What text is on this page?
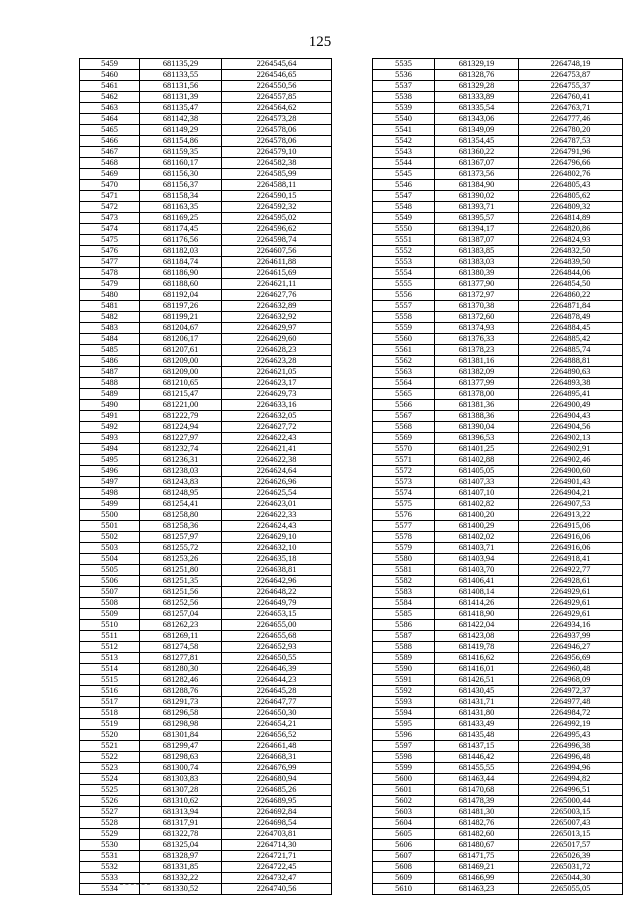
125
5459	681135,29	2264545,64
5460	681133,55	2264546,65
5461	681131,56	2264550,56
5462	681131,39	2264557,85
5463	681135,47	2264564,62
5464	681142,38	2264573,28
5465	681149,29	2264578,06
5466	681154,86	2264578,06
5467	681159,35	2264579,10
5468	681160,17	2264582,38
5469	681156,30	2264585,99
5470	681156,37	2264588,11
5471	681158,34	2264590,15
5472	681163,35	2264592,32
5473	681169,25	2264595,02
5474	681174,45	2264596,62
5475	681176,56	2264598,74
5476	681182,03	2264607,56
5477	681184,74	2264611,88
5478	681186,90	2264615,69
5479	681188,60	2264621,11
5480	681192,04	2264627,76
5481	681197,26	2264632,89
5482	681199,21	2264632,92
5483	681204,67	2264629,97
5484	681206,17	2264629,60
5485	681207,61	2264628,23
5486	681209,00	2264623,28
5487	681209,00	2264621,05
5488	681210,65	2264623,17
5489	681215,47	2264629,73
5490	681221,00	2264633,16
5491	681222,79	2264632,05
5492	681224,94	2264627,72
5493	681227,97	2264622,43
5494	681232,74	2264621,41
5495	681236,31	2264622,38
5496	681238,03	2264624,64
5497	681243,83	2264626,96
5498	681248,95	2264625,54
5499	681254,41	2264623,01
5500	681258,80	2264622,33
5501	681258,36	2264624,43
5502	681257,97	2264629,10
5503	681255,72	2264632,10
5504	681253,26	2264635,18
5505	681251,80	2264638,81
5506	681251,35	2264642,96
5507	681251,56	2264648,22
5508	681252,56	2264649,79
5509	681257,04	2264653,15
5510	681262,23	2264655,00
5511	681269,11	2264655,68
5512	681274,58	2264652,93
5513	681277,81	2264650,55
5514	681280,30	2264646,39
5515	681282,46	2264644,23
5516	681288,76	2264645,28
5517	681291,73	2264647,77
5518	681296,58	2264650,30
5519	681298,98	2264654,21
5520	681301,84	2264656,52
5521	681299,47	2264661,48
5522	681298,63	2264668,31
5523	681300,74	2264676,99
5524	681303,83	2264680,94
5525	681307,28	2264685,26
5526	681310,62	2264689,95
5527	681313,94	2264692,84
5528	681317,91	2264698,54
5529	681322,78	2264703,81
5530	681325,04	2264714,30
5531	681328,97	2264721,71
5532	681331,85	2264722,45
5533	681332,22	2264732,47
5534	681330,52	2264740,56
5535	681329,19	2264748,19
5536	681328,76	2264753,87
5537	681329,28	2264755,37
5538	681333,89	2264760,41
5539	681335,54	2264763,71
5540	681343,06	2264777,46
5541	681349,09	2264780,20
5542	681354,45	2264787,53
5543	681360,22	2264791,96
5544	681367,07	2264796,66
5545	681373,56	2264802,76
5546	681384,90	2264805,43
5547	681390,02	2264805,62
5548	681393,71	2264809,32
5549	681395,57	2264814,89
5550	681394,17	2264820,86
5551	681387,07	2264824,93
5552	681383,85	2264832,50
5553	681383,03	2264839,50
5554	681380,39	2264844,06
5555	681377,90	2264854,50
5556	681372,97	2264860,22
5557	681370,38	2264871,84
5558	681372,60	2264878,49
5559	681374,93	2264884,45
5560	681376,33	2264885,42
5561	681378,23	2264885,74
5562	681381,16	2264888,81
5563	681382,09	2264890,63
5564	681377,99	2264893,38
5565	681378,00	2264895,41
5566	681381,36	2264900,49
5567	681388,36	2264904,43
5568	681390,04	2264904,56
5569	681396,53	2264902,13
5570	681401,25	2264902,91
5571	681402,88	2264902,46
5572	681405,05	2264900,60
5573	681407,33	2264901,43
5574	681407,10	2264904,21
5575	681402,82	2264907,53
5576	681400,20	2264913,22
5577	681400,29	2264915,06
5578	681402,02	2264916,06
5579	681403,71	2264916,06
5580	681403,94	2264918,41
5581	681403,70	2264922,77
5582	681406,41	2264928,61
5583	681408,14	2264929,61
5584	681414,26	2264929,61
5585	681418,90	2264929,61
5586	681422,04	2264934,16
5587	681423,08	2264937,99
5588	681419,78	2264946,27
5589	681416,62	2264956,69
5590	681416,01	2264960,48
5591	681426,51	2264968,09
5592	681430,45	2264972,37
5593	681431,71	2264977,48
5594	681431,80	2264984,72
5595	681433,49	2264992,19
5596	681435,48	2264995,43
5597	681437,15	2264996,38
5598	681446,42	2264996,48
5599	681455,55	2264994,96
5600	681463,44	2264994,82
5601	681470,68	2264996,51
5602	681478,39	2265000,44
5603	681481,30	2265003,15
5604	681482,76	2265007,43
5605	681482,60	2265013,15
5606	681480,67	2265017,57
5607	681471,75	2265026,39
5608	681469,21	2265031,72
5609	681466,99	2265044,30
5610	681463,23	2265055,05
